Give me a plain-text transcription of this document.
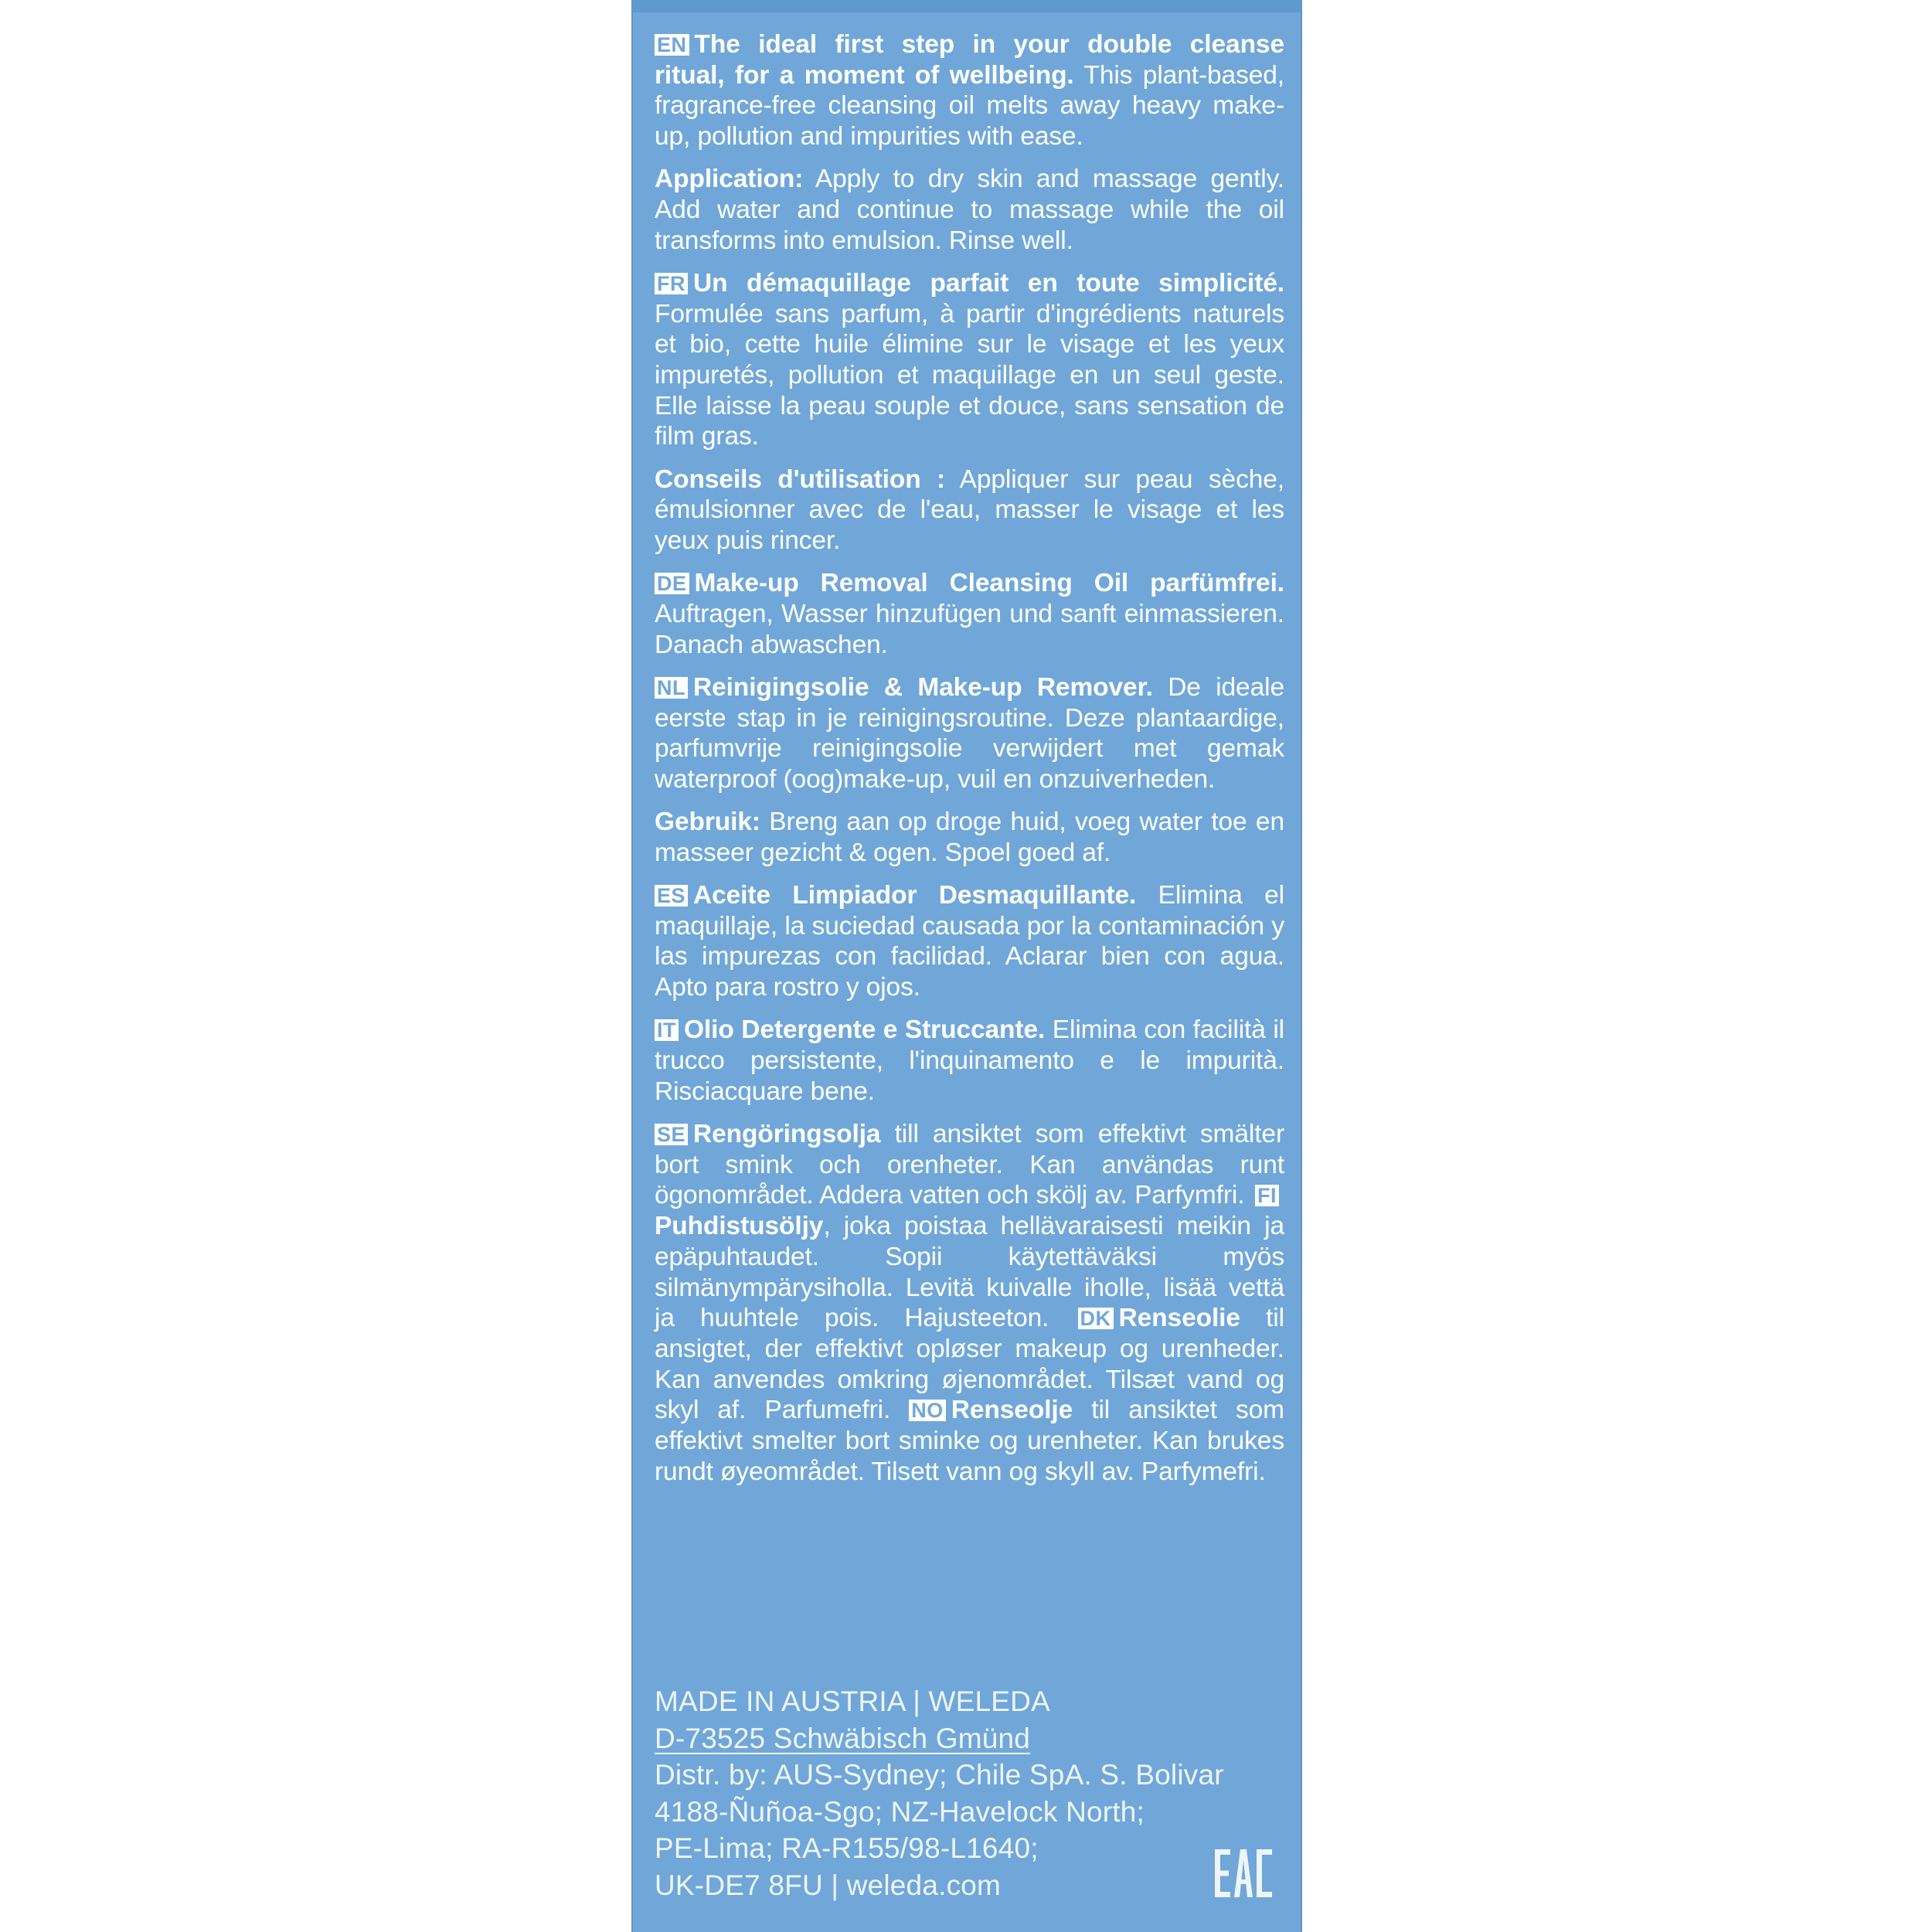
EN The ideal first step in your double cleanse ritual, for a moment of wellbeing. This plant-based, fragrance-free cleansing oil melts away heavy make-up, pollution and impurities with ease.

Application: Apply to dry skin and massage gently. Add water and continue to massage while the oil transforms into emulsion. Rinse well.

FR Un démaquillage parfait en toute simplicité. Formulée sans parfum, à partir d'ingrédients naturels et bio, cette huile élimine sur le visage et les yeux impuretés, pollution et maquillage en un seul geste. Elle laisse la peau souple et douce, sans sensation de film gras.

Conseils d'utilisation : Appliquer sur peau sèche, émulsionner avec de l'eau, masser le visage et les yeux puis rincer.

DE Make-up Removal Cleansing Oil parfümfrei. Auftragen, Wasser hinzufügen und sanft einmassieren. Danach abwaschen.

NL Reinigingsolie & Make-up Remover. De ideale eerste stap in je reinigingsroutine. Deze plantaardige, parfumvrije reinigingsolie verwijdert met gemak waterproof (oog)make-up, vuil en onzuiverheden.

Gebruik: Breng aan op droge huid, voeg water toe en masseer gezicht & ogen. Spoel goed af.

ES Aceite Limpiador Desmaquillante. Elimina el maquillaje, la suciedad causada por la contaminación y las impurezas con facilidad. Aclarar bien con agua. Apto para rostro y ojos.

IT Olio Detergente e Struccante. Elimina con facilità il trucco persistente, l'inquinamento e le impurità. Risciacquare bene.

SE Rengöringsolja till ansiktet som effektivt smälter bort smink och orenheter. Kan användas runt ögonområdet. Addera vatten och skölj av. Parfymfri. FIPuhdistusöljy, joka poistaa hellävaraisesti meikin ja epäpuhtaudet. Sopii käytettäväksi myös silmänympärysiholla. Levitä kuivalle iholle, lisää vettä ja huuhtele pois. Hajusteeton. DK Renseolie til ansigtet, der effektivt opløser makeup og urenheder. Kan anvendes omkring øjenområdet. Tilsæt vand og skyl af. Parfumefri. NO Renseolje til ansiktet som effektivt smelter bort sminke og urenheter. Kan brukes rundt øyeområdet. Tilsett vann og skyll av. Parfymefri.

MADE IN AUSTRIA | WELEDA
D-73525 Schwäbisch Gmünd
Distr. by: AUS-Sydney; Chile SpA. S. Bolivar
4188-Ñuñoa-Sgo; NZ-Havelock North;
PE-Lima; RA-R155/98-L1640;
UK-DE7 8FU | weleda.com
